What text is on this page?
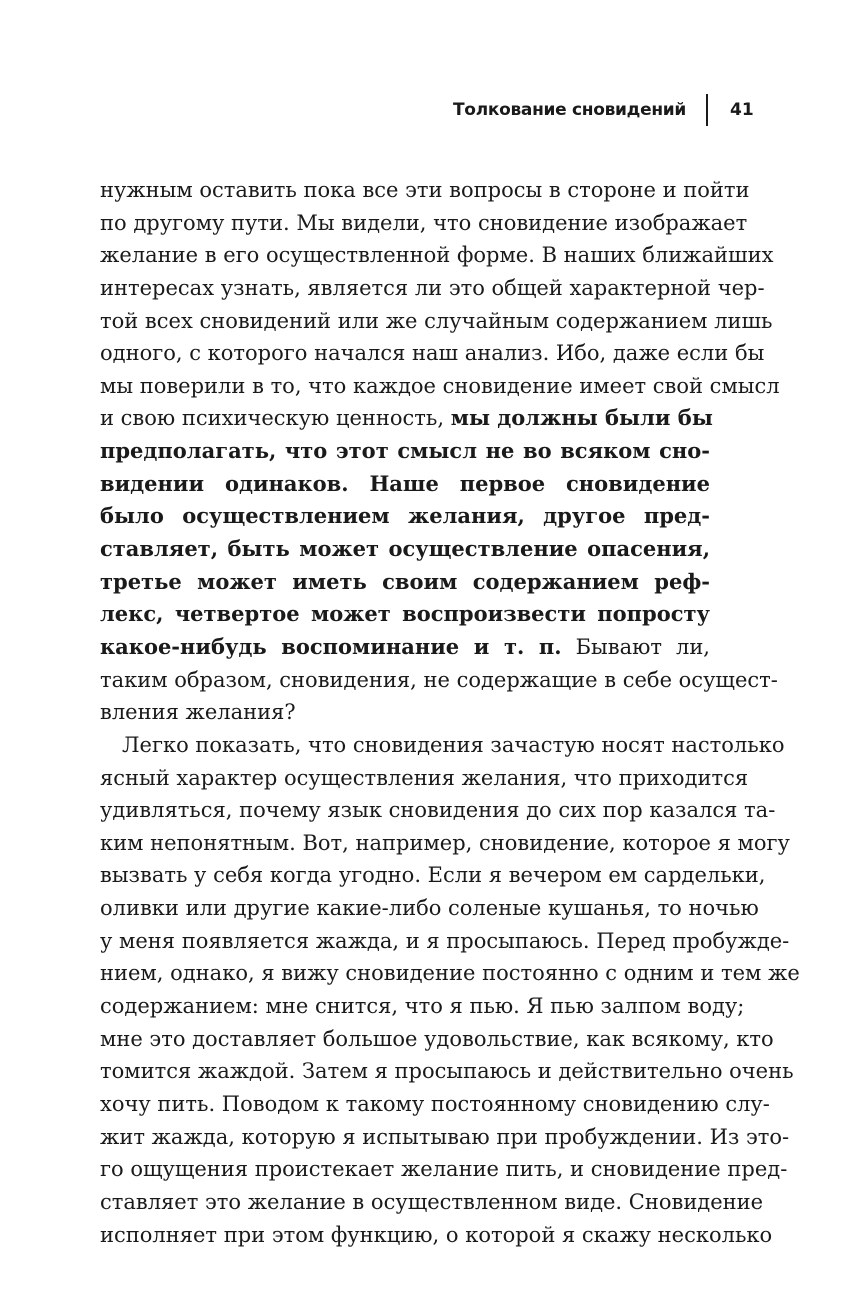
Толкование сновидений	41
нужным оставить пока все эти вопросы в стороне и пойти
по другому пути. Мы видели, что сновидение изображает
желание в его осуществленной форме. В наших ближайших
интересах узнать, является ли это общей характерной чер-
той всех сновидений или же случайным содержанием лишь
одного, с которого начался наш анализ. Ибо, даже если бы
мы поверили в то, что каждое сновидение имеет свой смысл
и свою психическую ценность, мы должны были бы
предполагать, что этот смысл не во всяком сно-
видении одинаков. Наше первое сновидение
было осуществлением желания, другое пред-
ставляет, быть может осуществление опасения,
третье может иметь своим содержанием реф-
лекс, четвертое может воспроизвести попросту
какое-нибудь воспоминание и т. п. Бывают ли,
таким образом, сновидения, не содержащие в себе осущест-
вления желания?
Легко показать, что сновидения зачастую носят настолько
ясный характер осуществления желания, что приходится
удивляться, почему язык сновидения до сих пор казался та-
ким непонятным. Вот, например, сновидение, которое я могу
вызвать у себя когда угодно. Если я вечером ем сардельки,
оливки или другие какие-либо соленые кушанья, то ночью
у меня появляется жажда, и я просыпаюсь. Перед пробужде-
нием, однако, я вижу сновидение постоянно с одним и тем же
содержанием: мне снится, что я пью. Я пью залпом воду;
мне это доставляет большое удовольствие, как всякому, кто
томится жаждой. Затем я просыпаюсь и действительно очень
хочу пить. Поводом к такому постоянному сновидению слу-
жит жажда, которую я испытываю при пробуждении. Из это-
го ощущения проистекает желание пить, и сновидение пред-
ставляет это желание в осуществленном виде. Сновидение
исполняет при этом функцию, о которой я скажу несколько
